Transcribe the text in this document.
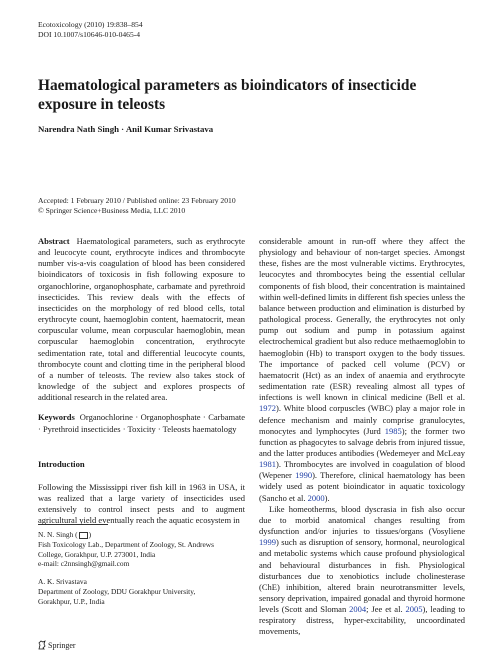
Ecotoxicology (2010) 19:838–854
DOI 10.1007/s10646-010-0465-4
Haematological parameters as bioindicators of insecticide exposure in teleosts
Narendra Nath Singh · Anil Kumar Srivastava
Accepted: 1 February 2010 / Published online: 23 February 2010
© Springer Science+Business Media, LLC 2010

Abstract Haematological parameters, such as erythrocyte and leucocyte count, erythrocyte indices and thrombocyte number vis-a-vis coagulation of blood has been considered bioindicators of toxicosis in fish following exposure to organochlorine, organophosphate, carbamate and pyrethroid insecticides. This review deals with the effects of insecticides on the morphology of red blood cells, total erythrocyte count, haemoglobin content, haematocrit, mean corpuscular volume, mean corpuscular haemoglobin, mean corpuscular haemoglobin concentration, erythrocyte sedimentation rate, total and differential leucocyte counts, thrombocyte count and clotting time in the peripheral blood of a number of teleosts. The review also takes stock of knowledge of the subject and explores prospects of additional research in the related area.

Keywords Organochlorine · Organophosphate · Carbamate · Pyrethroid insecticides · Toxicity · Teleosts haematology

Introduction

Following the Mississippi river fish kill in 1963 in USA, it was realized that a large variety of insecticides used extensively to control insect pests and to augment agricultural yield eventually reach the aquatic ecosystem in

N. N. Singh ( )
Fish Toxicology Lab., Department of Zoology, St. Andrews
College, Gorakhpur, U.P. 273001, India
e-mail: c2nnsingh@gmail.com

A. K. Srivastava
Department of Zoology, DDU Gorakhpur University,
Gorakhpur, U.P., India

considerable amount in run-off where they affect the physiology and behaviour of non-target species. Amongst these, fishes are the most vulnerable victims. Erythrocytes, leucocytes and thrombocytes being the essential cellular components of fish blood, their concentration is maintained within well-defined limits in different fish species unless the balance between production and elimination is disturbed by pathological process. Generally, the erythrocytes not only pump out sodium and pump in potassium against electrochemical gradient but also reduce methaemoglobin to haemoglobin (Hb) to transport oxygen to the body tissues. The importance of packed cell volume (PCV) or haematocrit (Hct) as an index of anaemia and erythrocyte sedimentation rate (ESR) revealing almost all types of infections is well known in clinical medicine (Bell et al. 1972). White blood corpuscles (WBC) play a major role in defence mechanism and mainly comprise granulocytes, monocytes and lymphocytes (Jurd 1985); the former two function as phagocytes to salvage debris from injured tissue, and the latter produces antibodies (Wedemeyer and McLeay 1981). Thrombocytes are involved in coagulation of blood (Wepener 1990). Therefore, clinical haematology has been widely used as potent bioindicator in aquatic toxicology (Sancho et al. 2000).

Like homeotherms, blood dyscrasia in fish also occur due to morbid anatomical changes resulting from dysfunction and/or injuries to tissues/organs (Vosyliene 1999) such as disruption of sensory, hormonal, neurological and metabolic systems which cause profound physiological and behavioural disturbances in fish. Physiological disturbances due to xenobiotics include cholinesterase (ChE) inhibition, altered brain neurotransmitter levels, sensory deprivation, impaired gonadal and thyroid hormone levels (Scott and Sloman 2004; Jee et al. 2005), leading to respiratory distress, hyper-excitability, uncoordinated movements,

Springer
